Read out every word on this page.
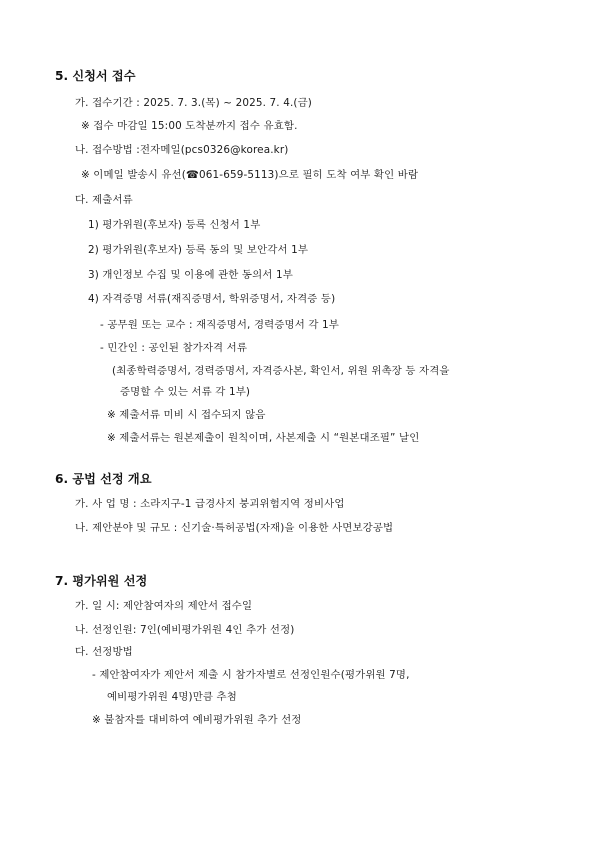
5. 신청서 접수
가. 접수기간 : 2025. 7. 3.(목) ~ 2025. 7. 4.(금)
※ 접수 마감일 15:00 도착분까지 접수 유효함.
나. 접수방법 :전자메일(pcs0326@korea.kr)
※ 이메일 발송시 유선(☎061-659-5113)으로 필히 도착 여부 확인 바람
다. 제출서류
1) 평가위원(후보자) 등록 신청서 1부
2) 평가위원(후보자) 등록 동의 및 보안각서 1부
3) 개인정보 수집 및 이용에 관한 동의서 1부
4) 자격증명 서류(재직증명서, 학위증명서, 자격증 등)
- 공무원 또는 교수 : 재직증명서, 경력증명서 각 1부
- 민간인 : 공인된 참가자격 서류
(최종학력증명서, 경력증명서, 자격증사본, 확인서, 위원 위촉장 등 자격을
증명할 수 있는 서류 각 1부)
※ 제출서류 미비 시 접수되지 않음
※ 제출서류는 원본제출이 원칙이며, 사본제출 시 “원본대조필” 날인
6. 공법 선정 개요
가. 사 업 명 : 소라지구-1 급경사지 붕괴위험지역 정비사업
나. 제안분야 및 규모 : 신기술·특허공법(자재)을 이용한 사면보강공법
7. 평가위원 선정
가. 일 시: 제안참여자의 제안서 접수일
나. 선정인원: 7인(예비평가위원 4인 추가 선정)
다. 선정방법
- 제안참여자가 제안서 제출 시 참가자별로 선정인원수(평가위원 7명,
예비평가위원 4명)만큼 추첨
※ 불참자를 대비하여 예비평가위원 추가 선정
